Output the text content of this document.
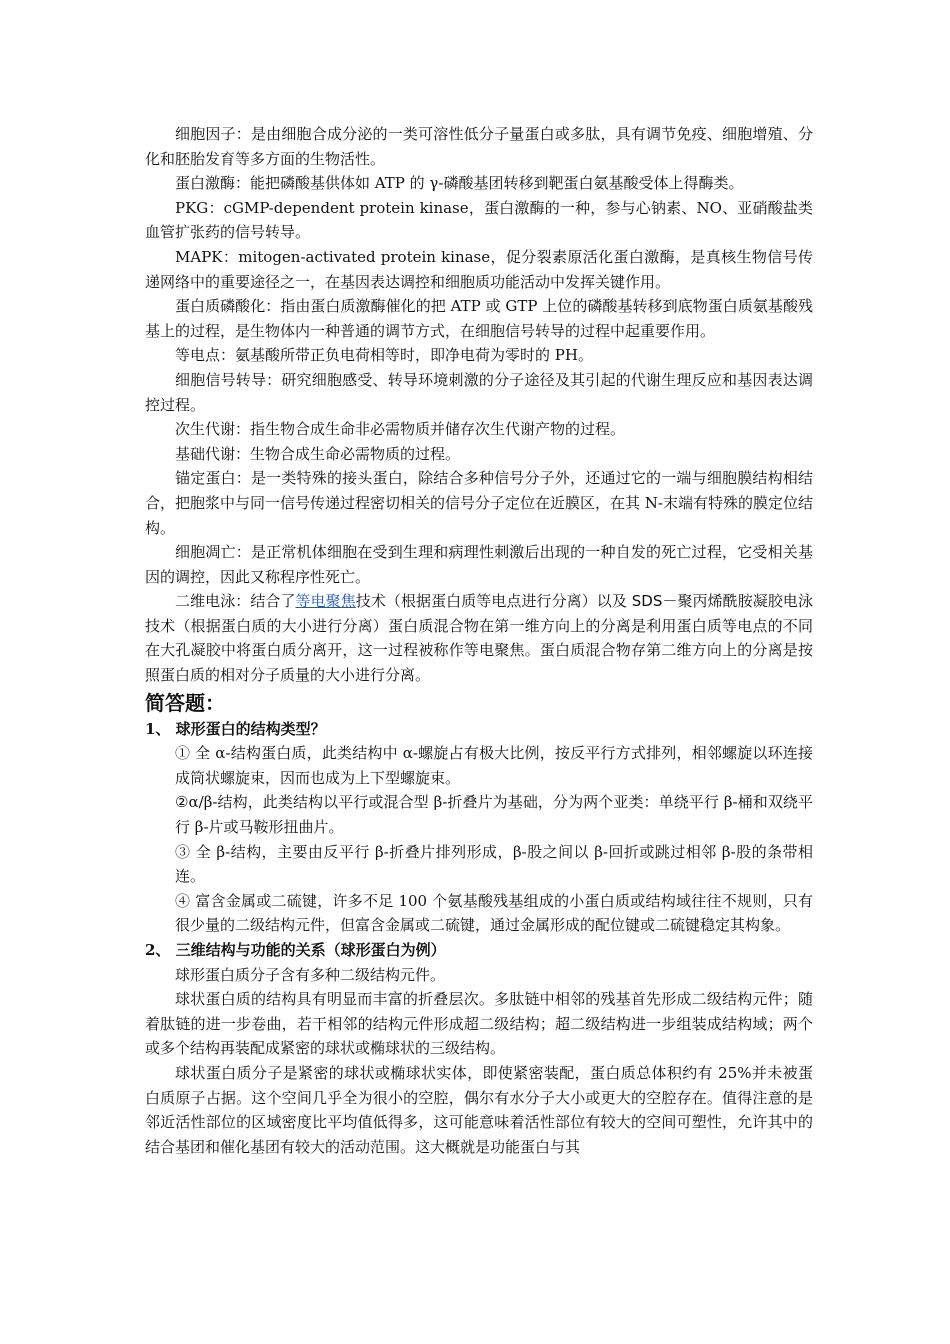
细胞因子：是由细胞合成分泌的一类可溶性低分子量蛋白或多肽，具有调节免疫、细胞增殖、分化和胚胎发育等多方面的生物活性。

蛋白激酶：能把磷酸基供体如 ATP 的 γ-磷酸基团转移到靶蛋白氨基酸受体上得酶类。

PKG：cGMP-dependent protein kinase，蛋白激酶的一种，参与心钠素、NO、亚硝酸盐类血管扩张药的信号转导。

MAPK：mitogen-activated protein kinase，促分裂素原活化蛋白激酶，是真核生物信号传递网络中的重要途径之一，在基因表达调控和细胞质功能活动中发挥关键作用。

蛋白质磷酸化：指由蛋白质激酶催化的把 ATP 或 GTP 上位的磷酸基转移到底物蛋白质氨基酸残基上的过程，是生物体内一种普通的调节方式，在细胞信号转导的过程中起重要作用。

等电点：氨基酸所带正负电荷相等时，即净电荷为零时的 PH。

细胞信号转导：研究细胞感受、转导环境刺激的分子途径及其引起的代谢生理反应和基因表达调控过程。

次生代谢：指生物合成生命非必需物质并储存次生代谢产物的过程。

基础代谢：生物合成生命必需物质的过程。

锚定蛋白：是一类特殊的接头蛋白，除结合多种信号分子外，还通过它的一端与细胞膜结构相结合，把胞浆中与同一信号传递过程密切相关的信号分子定位在近膜区，在其 N-末端有特殊的膜定位结构。

细胞凋亡：是正常机体细胞在受到生理和病理性刺激后出现的一种自发的死亡过程，它受相关基因的调控，因此又称程序性死亡。

二维电泳：结合了等电聚焦技术（根据蛋白质等电点进行分离）以及 SDS－聚丙烯酰胺凝胶电泳技术（根据蛋白质的大小进行分离）蛋白质混合物在第一维方向上的分离是利用蛋白质等电点的不同在大孔凝胶中将蛋白质分离开，这一过程被称作等电聚焦。蛋白质混合物存第二维方向上的分离是按照蛋白质的相对分子质量的大小进行分离。

简答题：

1、 球形蛋白的结构类型？

① 全 α-结构蛋白质，此类结构中 α-螺旋占有极大比例，按反平行方式排列，相邻螺旋以环连接成筒状螺旋束，因而也成为上下型螺旋束。

②α/β-结构，此类结构以平行或混合型 β-折叠片为基础，分为两个亚类：单绕平行 β-桶和双绕平行 β-片或马鞍形扭曲片。

③ 全 β-结构，主要由反平行 β-折叠片排列形成，β-股之间以 β-回折或跳过相邻 β-股的条带相连。

④ 富含金属或二硫键，许多不足 100 个氨基酸残基组成的小蛋白质或结构域往往不规则，只有很少量的二级结构元件，但富含金属或二硫键，通过金属形成的配位键或二硫键稳定其构象。

2、 三维结构与功能的关系（球形蛋白为例）

球形蛋白质分子含有多种二级结构元件。

球状蛋白质的结构具有明显而丰富的折叠层次。多肽链中相邻的残基首先形成二级结构元件；随着肽链的进一步卷曲，若干相邻的结构元件形成超二级结构；超二级结构进一步组装成结构域；两个或多个结构再装配成紧密的球状或椭球状的三级结构。

球状蛋白质分子是紧密的球状或椭球状实体，即使紧密装配，蛋白质总体积约有 25%并未被蛋白质原子占据。这个空间几乎全为很小的空腔，偶尔有水分子大小或更大的空腔存在。值得注意的是邻近活性部位的区域密度比平均值低得多，这可能意味着活性部位有较大的空间可塑性，允许其中的结合基团和催化基团有较大的活动范围。这大概就是功能蛋白与其
